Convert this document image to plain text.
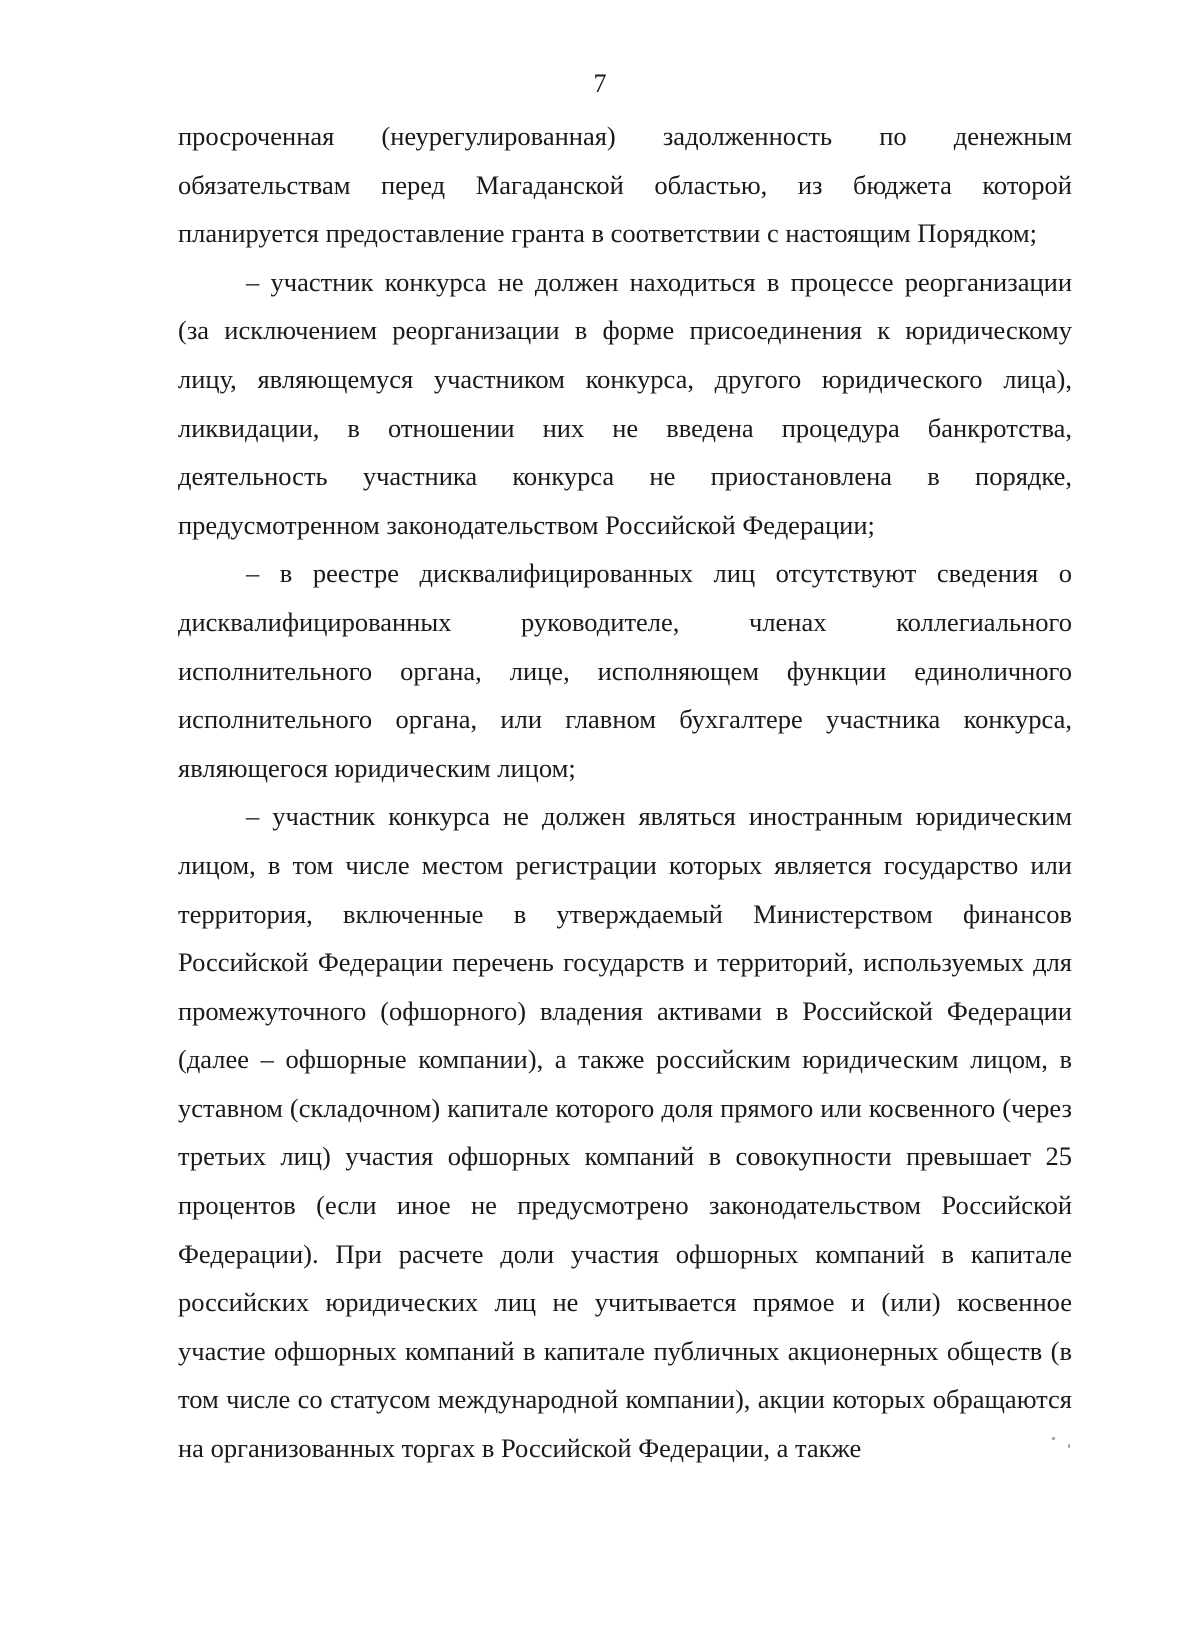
7

просроченная (неурегулированная) задолженность по денежным обязательствам перед Магаданской областью, из бюджета которой планируется предоставление гранта в соответствии с настоящим Порядком;

– участник конкурса не должен находиться в процессе реорганизации (за исключением реорганизации в форме присоединения к юридическому лицу, являющемуся участником конкурса, другого юридического лица), ликвидации, в отношении них не введена процедура банкротства, деятельность участника конкурса не приостановлена в порядке, предусмотренном законодательством Российской Федерации;

– в реестре дисквалифицированных лиц отсутствуют сведения о дисквалифицированных руководителе, членах коллегиального исполнительного органа, лице, исполняющем функции единоличного исполнительного органа, или главном бухгалтере участника конкурса, являющегося юридическим лицом;

– участник конкурса не должен являться иностранным юридическим лицом, в том числе местом регистрации которых является государство или территория, включенные в утверждаемый Министерством финансов Российской Федерации перечень государств и территорий, используемых для промежуточного (офшорного) владения активами в Российской Федерации (далее – офшорные компании), а также российским юридическим лицом, в уставном (складочном) капитале которого доля прямого или косвенного (через третьих лиц) участия офшорных компаний в совокупности превышает 25 процентов (если иное не предусмотрено законодательством Российской Федерации). При расчете доли участия офшорных компаний в капитале российских юридических лиц не учитывается прямое и (или) косвенное участие офшорных компаний в капитале публичных акционерных обществ (в том числе со статусом международной компании), акции которых обращаются на организованных торгах в Российской Федерации, а также
